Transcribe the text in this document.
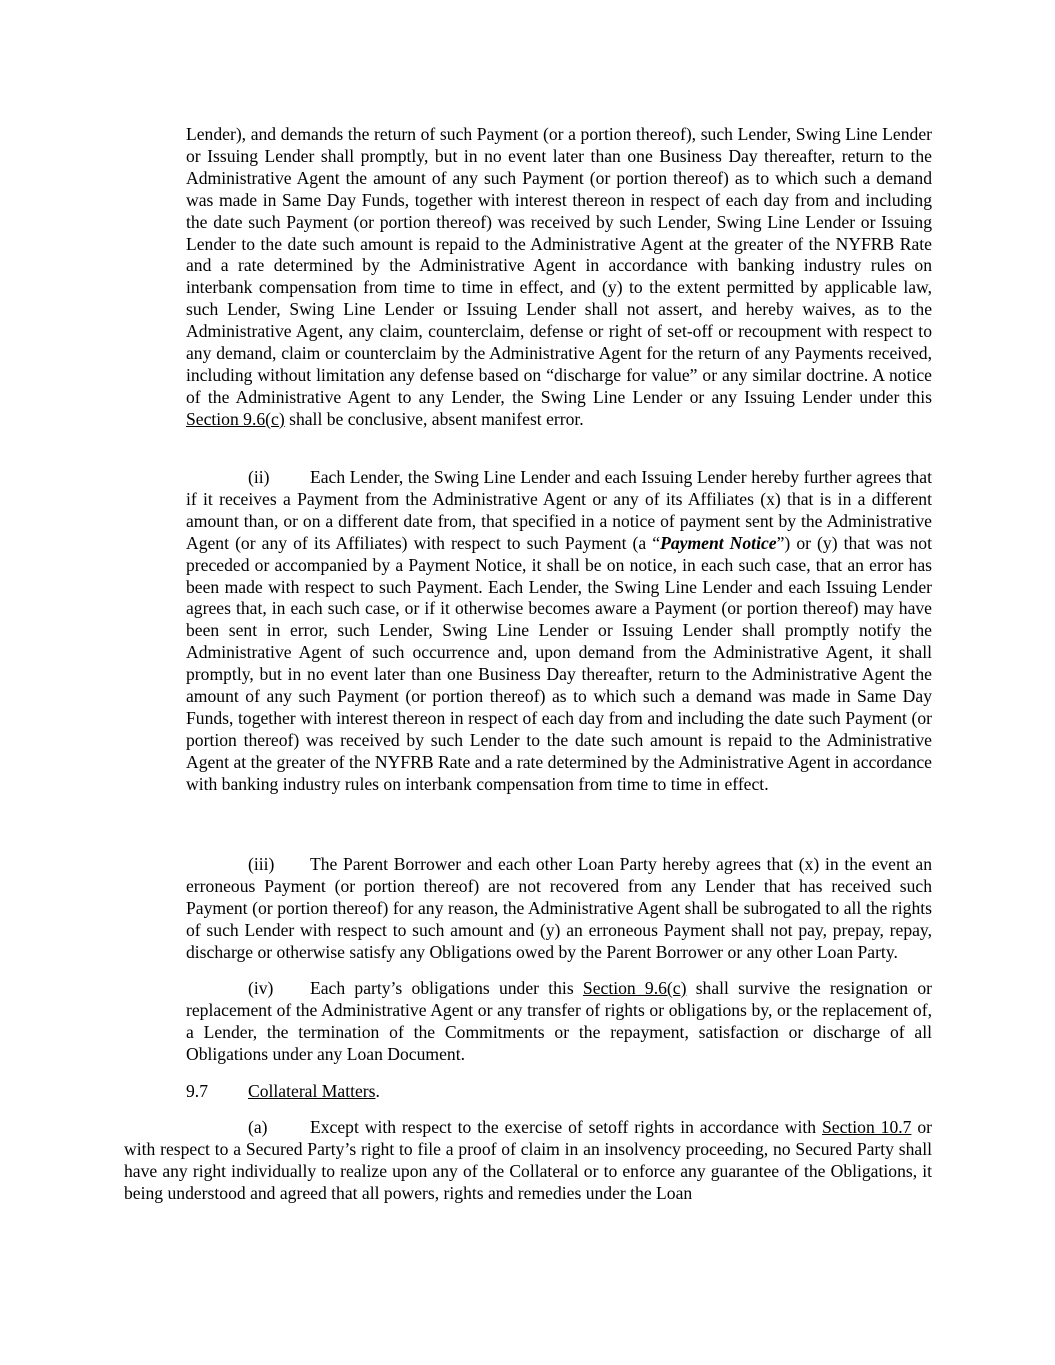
Lender), and demands the return of such Payment (or a portion thereof), such Lender, Swing Line Lender or Issuing Lender shall promptly, but in no event later than one Business Day thereafter, return to the Administrative Agent the amount of any such Payment (or portion thereof) as to which such a demand was made in Same Day Funds, together with interest thereon in respect of each day from and including the date such Payment (or portion thereof) was received by such Lender, Swing Line Lender or Issuing Lender to the date such amount is repaid to the Administrative Agent at the greater of the NYFRB Rate and a rate determined by the Administrative Agent in accordance with banking industry rules on interbank compensation from time to time in effect, and (y) to the extent permitted by applicable law, such Lender, Swing Line Lender or Issuing Lender shall not assert, and hereby waives, as to the Administrative Agent, any claim, counterclaim, defense or right of set-off or recoupment with respect to any demand, claim or counterclaim by the Administrative Agent for the return of any Payments received, including without limitation any defense based on “discharge for value” or any similar doctrine. A notice of the Administrative Agent to any Lender, the Swing Line Lender or any Issuing Lender under this Section 9.6(c) shall be conclusive, absent manifest error.

(ii) Each Lender, the Swing Line Lender and each Issuing Lender hereby further agrees that if it receives a Payment from the Administrative Agent or any of its Affiliates (x) that is in a different amount than, or on a different date from, that specified in a notice of payment sent by the Administrative Agent (or any of its Affiliates) with respect to such Payment (a “Payment Notice”) or (y) that was not preceded or accompanied by a Payment Notice, it shall be on notice, in each such case, that an error has been made with respect to such Payment. Each Lender, the Swing Line Lender and each Issuing Lender agrees that, in each such case, or if it otherwise becomes aware a Payment (or portion thereof) may have been sent in error, such Lender, Swing Line Lender or Issuing Lender shall promptly notify the Administrative Agent of such occurrence and, upon demand from the Administrative Agent, it shall promptly, but in no event later than one Business Day thereafter, return to the Administrative Agent the amount of any such Payment (or portion thereof) as to which such a demand was made in Same Day Funds, together with interest thereon in respect of each day from and including the date such Payment (or portion thereof) was received by such Lender to the date such amount is repaid to the Administrative Agent at the greater of the NYFRB Rate and a rate determined by the Administrative Agent in accordance with banking industry rules on interbank compensation from time to time in effect.

(iii) The Parent Borrower and each other Loan Party hereby agrees that (x) in the event an erroneous Payment (or portion thereof) are not recovered from any Lender that has received such Payment (or portion thereof) for any reason, the Administrative Agent shall be subrogated to all the rights of such Lender with respect to such amount and (y) an erroneous Payment shall not pay, prepay, repay, discharge or otherwise satisfy any Obligations owed by the Parent Borrower or any other Loan Party.

(iv) Each party’s obligations under this Section 9.6(c) shall survive the resignation or replacement of the Administrative Agent or any transfer of rights or obligations by, or the replacement of, a Lender, the termination of the Commitments or the repayment, satisfaction or discharge of all Obligations under any Loan Document.

9.7 Collateral Matters.

(a) Except with respect to the exercise of setoff rights in accordance with Section 10.7 or with respect to a Secured Party’s right to file a proof of claim in an insolvency proceeding, no Secured Party shall have any right individually to realize upon any of the Collateral or to enforce any guarantee of the Obligations, it being understood and agreed that all powers, rights and remedies under the Loan
